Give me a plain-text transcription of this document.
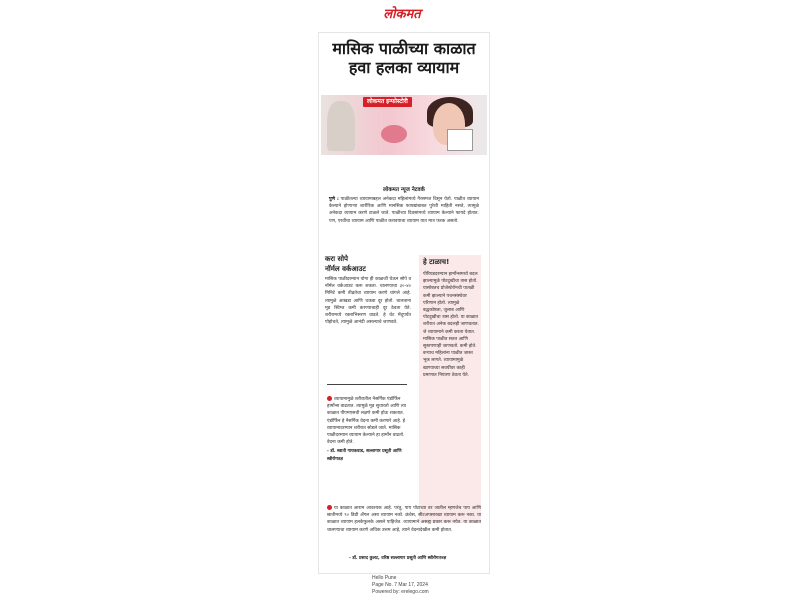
लोकमत
मासिक पाळीच्या काळात हवा हलका व्यायाम
लोकमत इन्फोस्टोरी
लोकमत न्यूज नेटवर्क
पुणे : पाळीतल्या व्यायामाबद्दल अनेकदा महिलांमध्ये गैरसमज दिसून येतो. पाळीत व्यायाम केल्याने होणाऱ्या शारीरिक आणि मानसिक फायद्यांबाबत पुरेशी माहिती नसते, त्यामुळे अनेकदा व्यायाम करणे टाळले जाते. पाळीच्या दिवसांमध्ये व्यायाम केल्याने फायदे होतात. पण, एरवीचा व्यायाम आणि पाळीत करावयाचा व्यायाम यात मात्र फरक असतो.
करा सोपे
नॉर्मल वर्कआउट
मासिक पाळीदरम्यान योगा ही काळजी घेऊन सोपे व नॉर्मल वर्कआउट करू शकता. चालण्याचा ३०-४० मिनिटे कमी तीव्रतेचा व्यायाम करणे चांगले आहे. त्यामुळे आखडा आणि थकवा दूर होतो. चालताना मूड स्विंग्ज कमी करण्याचाही दूर ठेवता येते. शरीरामध्ये रक्ताभिसरण वाढते. हे थेट मेंदूपर्यंत पोहोचते, त्यामुळे आनंदी असल्याचे जाणवते.
व्यायामामुळे शरीरातील नैसर्गिक एंडॉर्फिन हार्मोन्स वाढतात. त्यामुळे मूड सुधारतो आणि त्या काळात पीएमएसची लक्षणे कमी होऊ शकतात. एंडॉर्फिन हे नैसर्गिक वेदना कमी करणारे आहे. हे व्यायामादरम्यान शरीरात सोडले जाते. मासिक पाळीदरम्यान व्यायाम केल्याने हा हार्मोन वाढतो. वेदना कमी होते.
- डॉ. स्वाती गायकवाड, सल्लागार प्रसूती आणि स्त्रीरोगतज्ञ
हे टाळाच!
पीरियडदरम्यान हार्मोन्समध्ये बदल झाल्यामुळे पोटदुखीचा त्रास होतो. यासोबतच प्रोजेस्टेरॉनची पातळी कमी झाल्याने पचनसंस्थेवर परिणाम होतो. त्यामुळे बद्धकोष्ठता, जुलाब आणि पोटदुखीचा त्रास होतो. या काळात शरीरात अनेक बदलही जाणवतात. जे व्यायामाने कमी करता येतात. मासिक पाळीत सतत आणि सुस्तपणाही जाणवतो. कमी होते. बऱ्याच महिलांना पाळीत जास्त भूक लागते. व्यायामामुळे खाण्याच्या सवयींवर काही प्रमाणात नियंत्रण ठेवता येते.
या काळात आराम आवश्यक आहे. परंतु, पाय पोटाच्या वर जातील म्हणजेच पाय आणि छातीमध्ये ९० डिग्री अँगल असा व्यायाम नको. क्रंचेस, सीटअपसारखा व्यायाम करू नका. या काळात व्यायाम हलकेफुलके असले पाहिजेत. व्यायामाने असह्य प्रकार करू नयेत. या काळात चालण्याचा व्यायाम करणे अधिक उत्तम आहे, त्याने वेदनादेखील कमी होतात.
- डॉ. प्रसाद कुलट, वरिष्ठ सल्लागार प्रसूती आणि स्त्रीरोगतज्ज्ञ
Hello Pune
Page No. 7 Mar 17, 2024
Powered by: erelego.com
